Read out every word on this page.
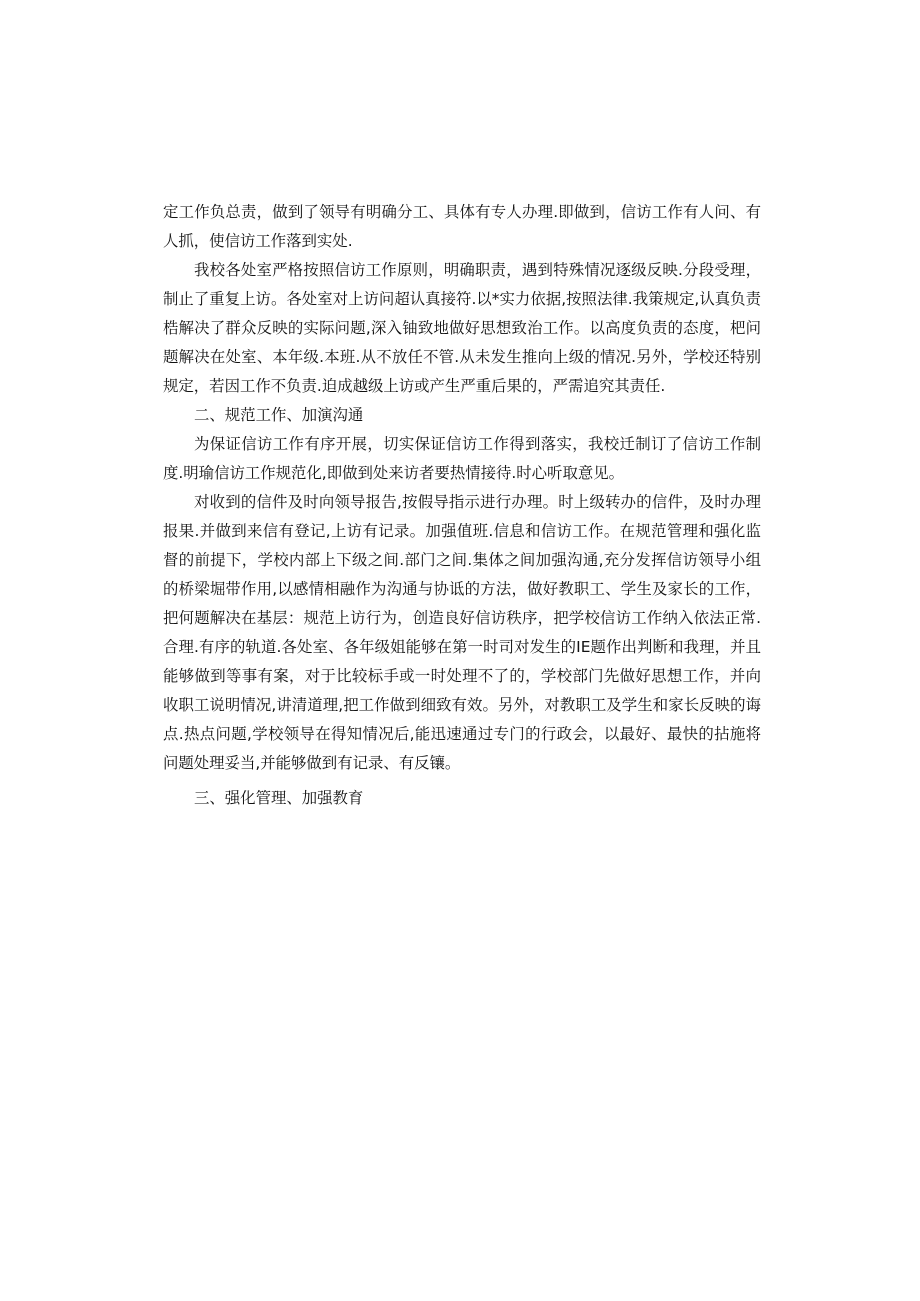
定工作负总责，做到了领导有明确分工、具体有专人办理.即做到，信访工作有人问、有人抓，使信访工作落到实处.

我校各处室严格按照信访工作原则，明确职责，遇到特殊情况逐级反映.分段受理，制止了重复上访。各处室对上访问超认真接符.以*实力依据,按照法律.我策规定,认真负责梏解决了群众反映的实际问题,深入铀致地做好思想致治工作。以高度负责的态度，杷问题解决在处室、本年级.本班.从不放任不管.从未发生推向上级的情况.另外，学校还特别规定，若因工作不负责.迫成越级上访或产生严重后果的，严需追究其责任.

二、规范工作、加演沟通

为保证信访工作有序开展，切实保证信访工作得到落实，我校迁制订了信访工作制度.明瑜信访工作规范化,即做到处来访者要热情接待.时心听取意见。

对收到的信件及时向领导报告,按假导指示进行办理。时上级转办的信件，及时办理报果.并做到来信有登记,上访有记录。加强值班.信息和信访工作。在规范管理和强化监督的前提下，学校内部上下级之间.部门之间.集体之间加强沟通,充分发挥信访领导小组的桥梁堀带作用,以感情相融作为沟通与协诋的方法，做好教职工、学生及家长的工作，把何题解决在基层：规范上访行为，创造良好信访秩序，把学校信访工作纳入依法正常.合理.有序的轨道.各处室、各年级姐能够在第一时司对发生的IE题作出判断和我理，并且能够做到等事有案，对于比较标手或一时处理不了的，学校部门先做好思想工作，并向收职工说明情况,讲清道理,把工作做到细致有效。另外，对教职工及学生和家长反映的诲点.热点问题,学校领导在得知情况后,能迅速通过专门的行政会，以最好、最快的拈施将问题处理妥当,并能够做到有记录、有反镶。

三、强化管理、加强教育
